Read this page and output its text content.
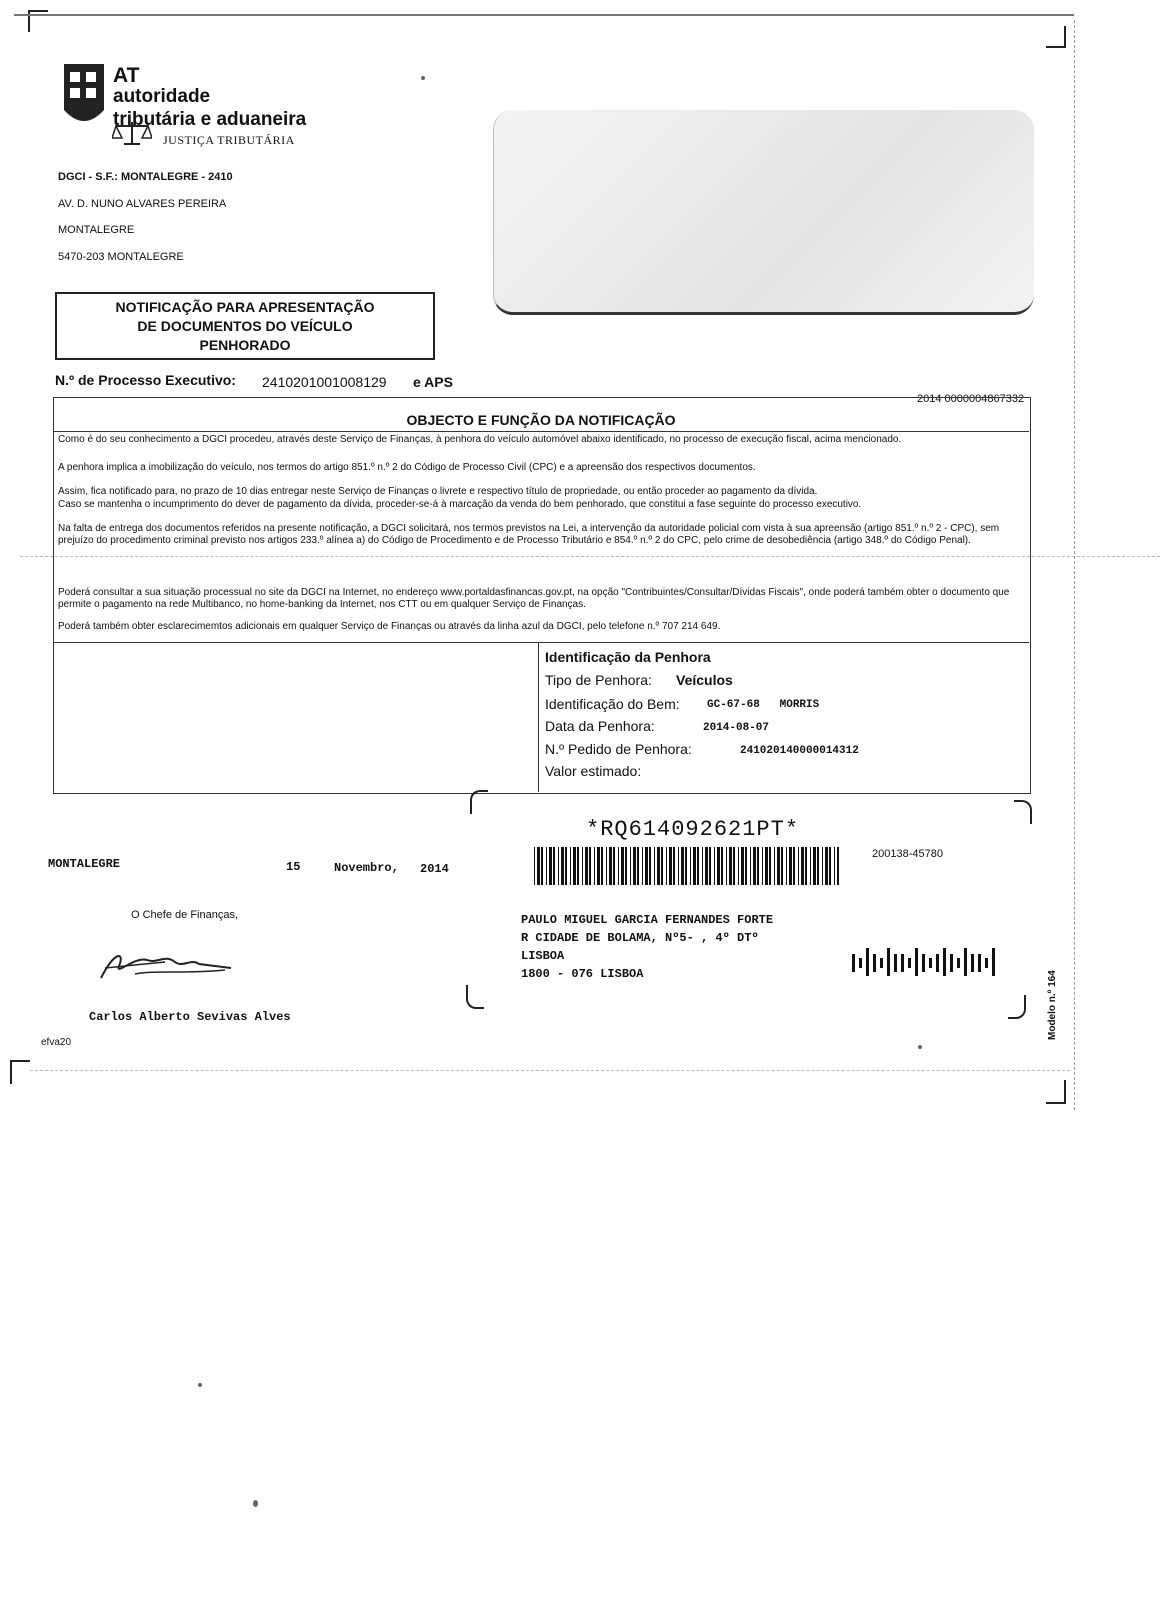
AT
autoridade
tributária e aduaneira
JUSTIÇA TRIBUTÁRIA
DGCI - S.F.: MONTALEGRE - 2410
AV. D. NUNO ALVARES PEREIRA
MONTALEGRE
5470-203 MONTALEGRE
NOTIFICAÇÃO PARA APRESENTAÇÃO
DE DOCUMENTOS DO VEÍCULO
PENHORADO
N.º de Processo Executivo: 2410201001008129 e APS
2014 0000004867332
OBJECTO E FUNÇÃO DA NOTIFICAÇÃO
Como é do seu conhecimento a DGCI procedeu, através deste Serviço de Finanças, à penhora do veículo automóvel abaixo identificado, no processo de execução fiscal, acima mencionado.
A penhora implica a imobilização do veículo, nos termos do artigo 851.º n.º 2 do Código de Processo Civil (CPC) e a apreensão dos respectivos documentos.
Assim, fica notificado para, no prazo de 10 dias entregar neste Serviço de Finanças o livrete e respectivo título de propriedade, ou então proceder ao pagamento da dívida.
Caso se mantenha o incumprimento do dever de pagamento da dívida, proceder-se-á à marcação da venda do bem penhorado, que constitui a fase seguinte do processo executivo.
Na falta de entrega dos documentos referidos na presente notificação, a DGCI solicitará, nos termos previstos na Lei, a intervenção da autoridade policial com vista à sua apreensão (artigo 851.º n.º 2 - CPC), sem prejuízo do procedimento criminal previsto nos artigos 233.º alínea a) do Código de Procedimento e de Processo Tributário e 854.º n.º 2 do CPC, pelo crime de desobediência (artigo 348.º do Código Penal).
Poderá consultar a sua situação processual no site da DGCI na Internet, no endereço www.portaldasfinancas.gov.pt, na opção "Contribuintes/Consultar/Dívidas Fiscais", onde poderá também obter o documento que permite o pagamento na rede Multibanco, no home-banking da Internet, nos CTT ou em qualquer Serviço de Finanças.
Poderá também obter esclarecimemtos adicionais em qualquer Serviço de Finanças ou através da linha azul da DGCI, pelo telefone n.º 707 214 649.
Identificação da Penhora
Tipo de Penhora: Veículos
Identificação do Bem: GC-67-68   MORRIS
Data da Penhora:	2014-08-07
N.º Pedido de Penhora:	241020140000014312
Valor estimado:
*RQ614092621PT*
200138-45780
MONTALEGRE	15	Novembro, 2014
O Chefe de Finanças,
Carlos Alberto Sevivas Alves
efva20
PAULO MIGUEL GARCIA FERNANDES FORTE
R CIDADE DE BOLAMA, Nº5- , 4º DTº
LISBOA
1800 - 076 LISBOA	Modelo n.º 164
